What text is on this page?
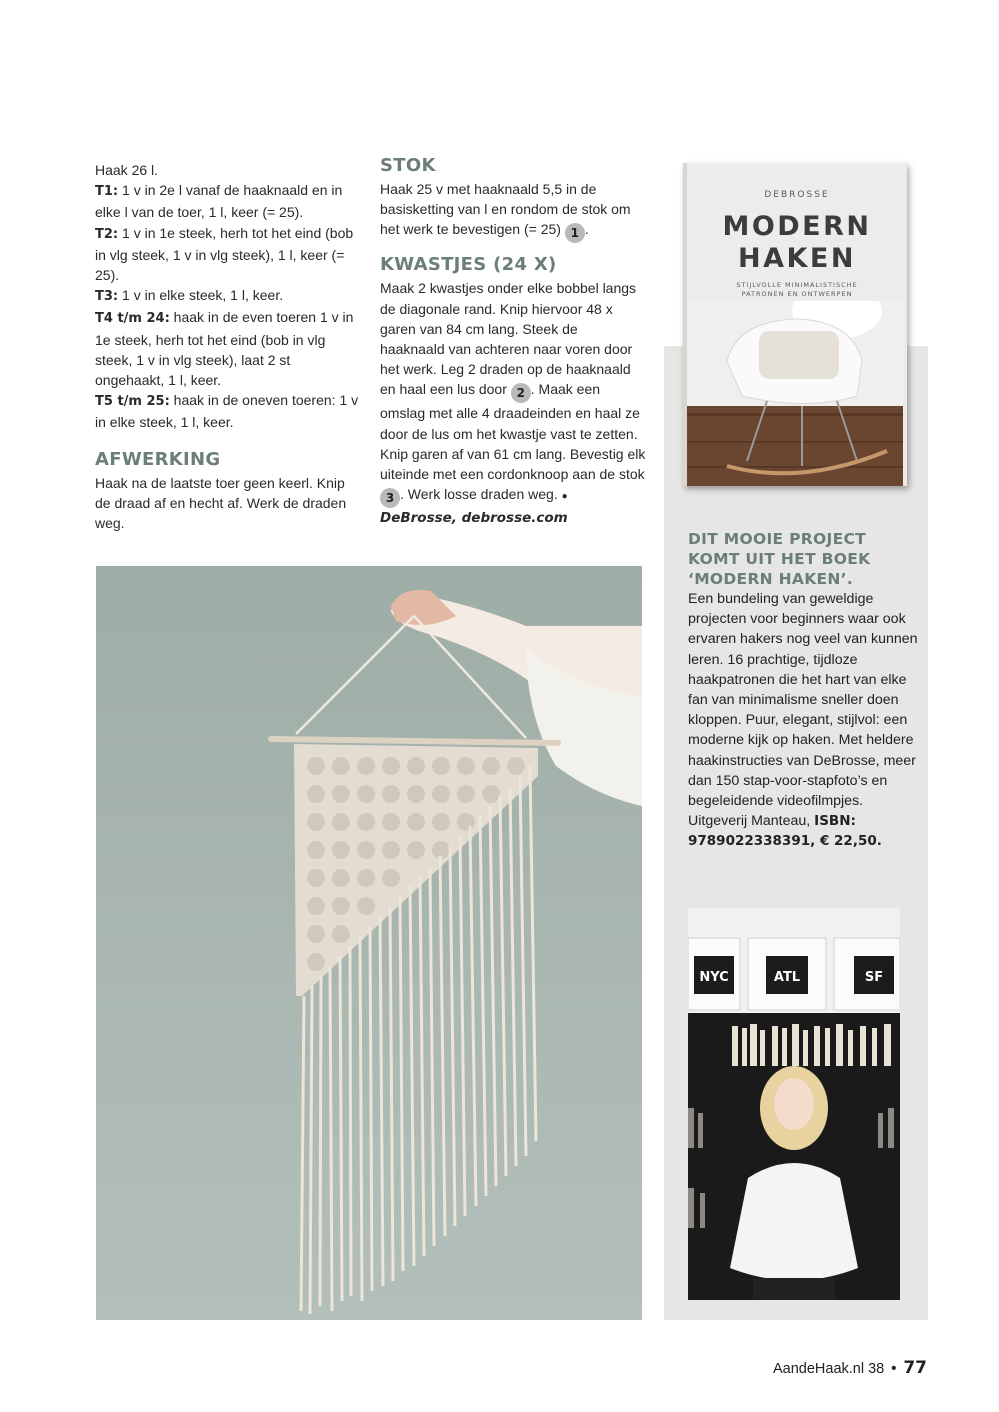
Haak 26 l.
T1: 1 v in 2e l vanaf de haaknaald en in elke l van de toer, 1 l, keer (= 25).
T2: 1 v in 1e steek, herh tot het eind (bob in vlg steek, 1 v in vlg steek), 1 l, keer (= 25).
T3: 1 v in elke steek, 1 l, keer.
T4 t/m 24: haak in de even toeren 1 v in 1e steek, herh tot het eind (bob in vlg steek, 1 v in vlg steek), laat 2 st ongehaakt, 1 l, keer.
T5 t/m 25: haak in de oneven toeren: 1 v in elke steek, 1 l, keer.
AFWERKING
Haak na de laatste toer geen keerl. Knip de draad af en hecht af. Werk de draden weg.
STOK
Haak 25 v met haaknaald 5,5 in de basisketting van l en rondom de stok om het werk te bevestigen (= 25) 1 .
KWASTJES (24 X)
Maak 2 kwastjes onder elke bobbel langs de diagonale rand. Knip hiervoor 48 x garen van 84 cm lang. Steek de haaknaald van achteren naar voren door het werk. Leg 2 draden op de haaknaald en haal een lus door 2 . Maak een omslag met alle 4 draadeinden en haal ze door de lus om het kwastje vast te zetten. Knip garen af van 61 cm lang. Bevestig elk uiteinde met een cordonknoop aan de stok 3 . Werk losse draden weg. ●
DeBrosse, debrosse.com
DEBROSSE
MODERN
HAKEN
STIJLVOLLE MINIMALISTISCHE
PATRONEN EN ONTWERPEN
DIT MOOIE PROJECT KOMT UIT HET BOEK ‘MODERN HAKEN’.
Een bundeling van geweldige projecten voor beginners waar ook ervaren hakers nog veel van kunnen leren. 16 prachtige, tijdloze haakpatronen die het hart van elke fan van minimalisme sneller doen kloppen. Puur, elegant, stijlvol: een moderne kijk op haken. Met heldere haakinstructies van DeBrosse, meer dan 150 stap-voor-stapfoto’s en begeleidende videofilmpjes. Uitgeverij Manteau, ISBN: 9789022338391, € 22,50.
NYC	ATL	SF
AandeHaak.nl 38 • 77
